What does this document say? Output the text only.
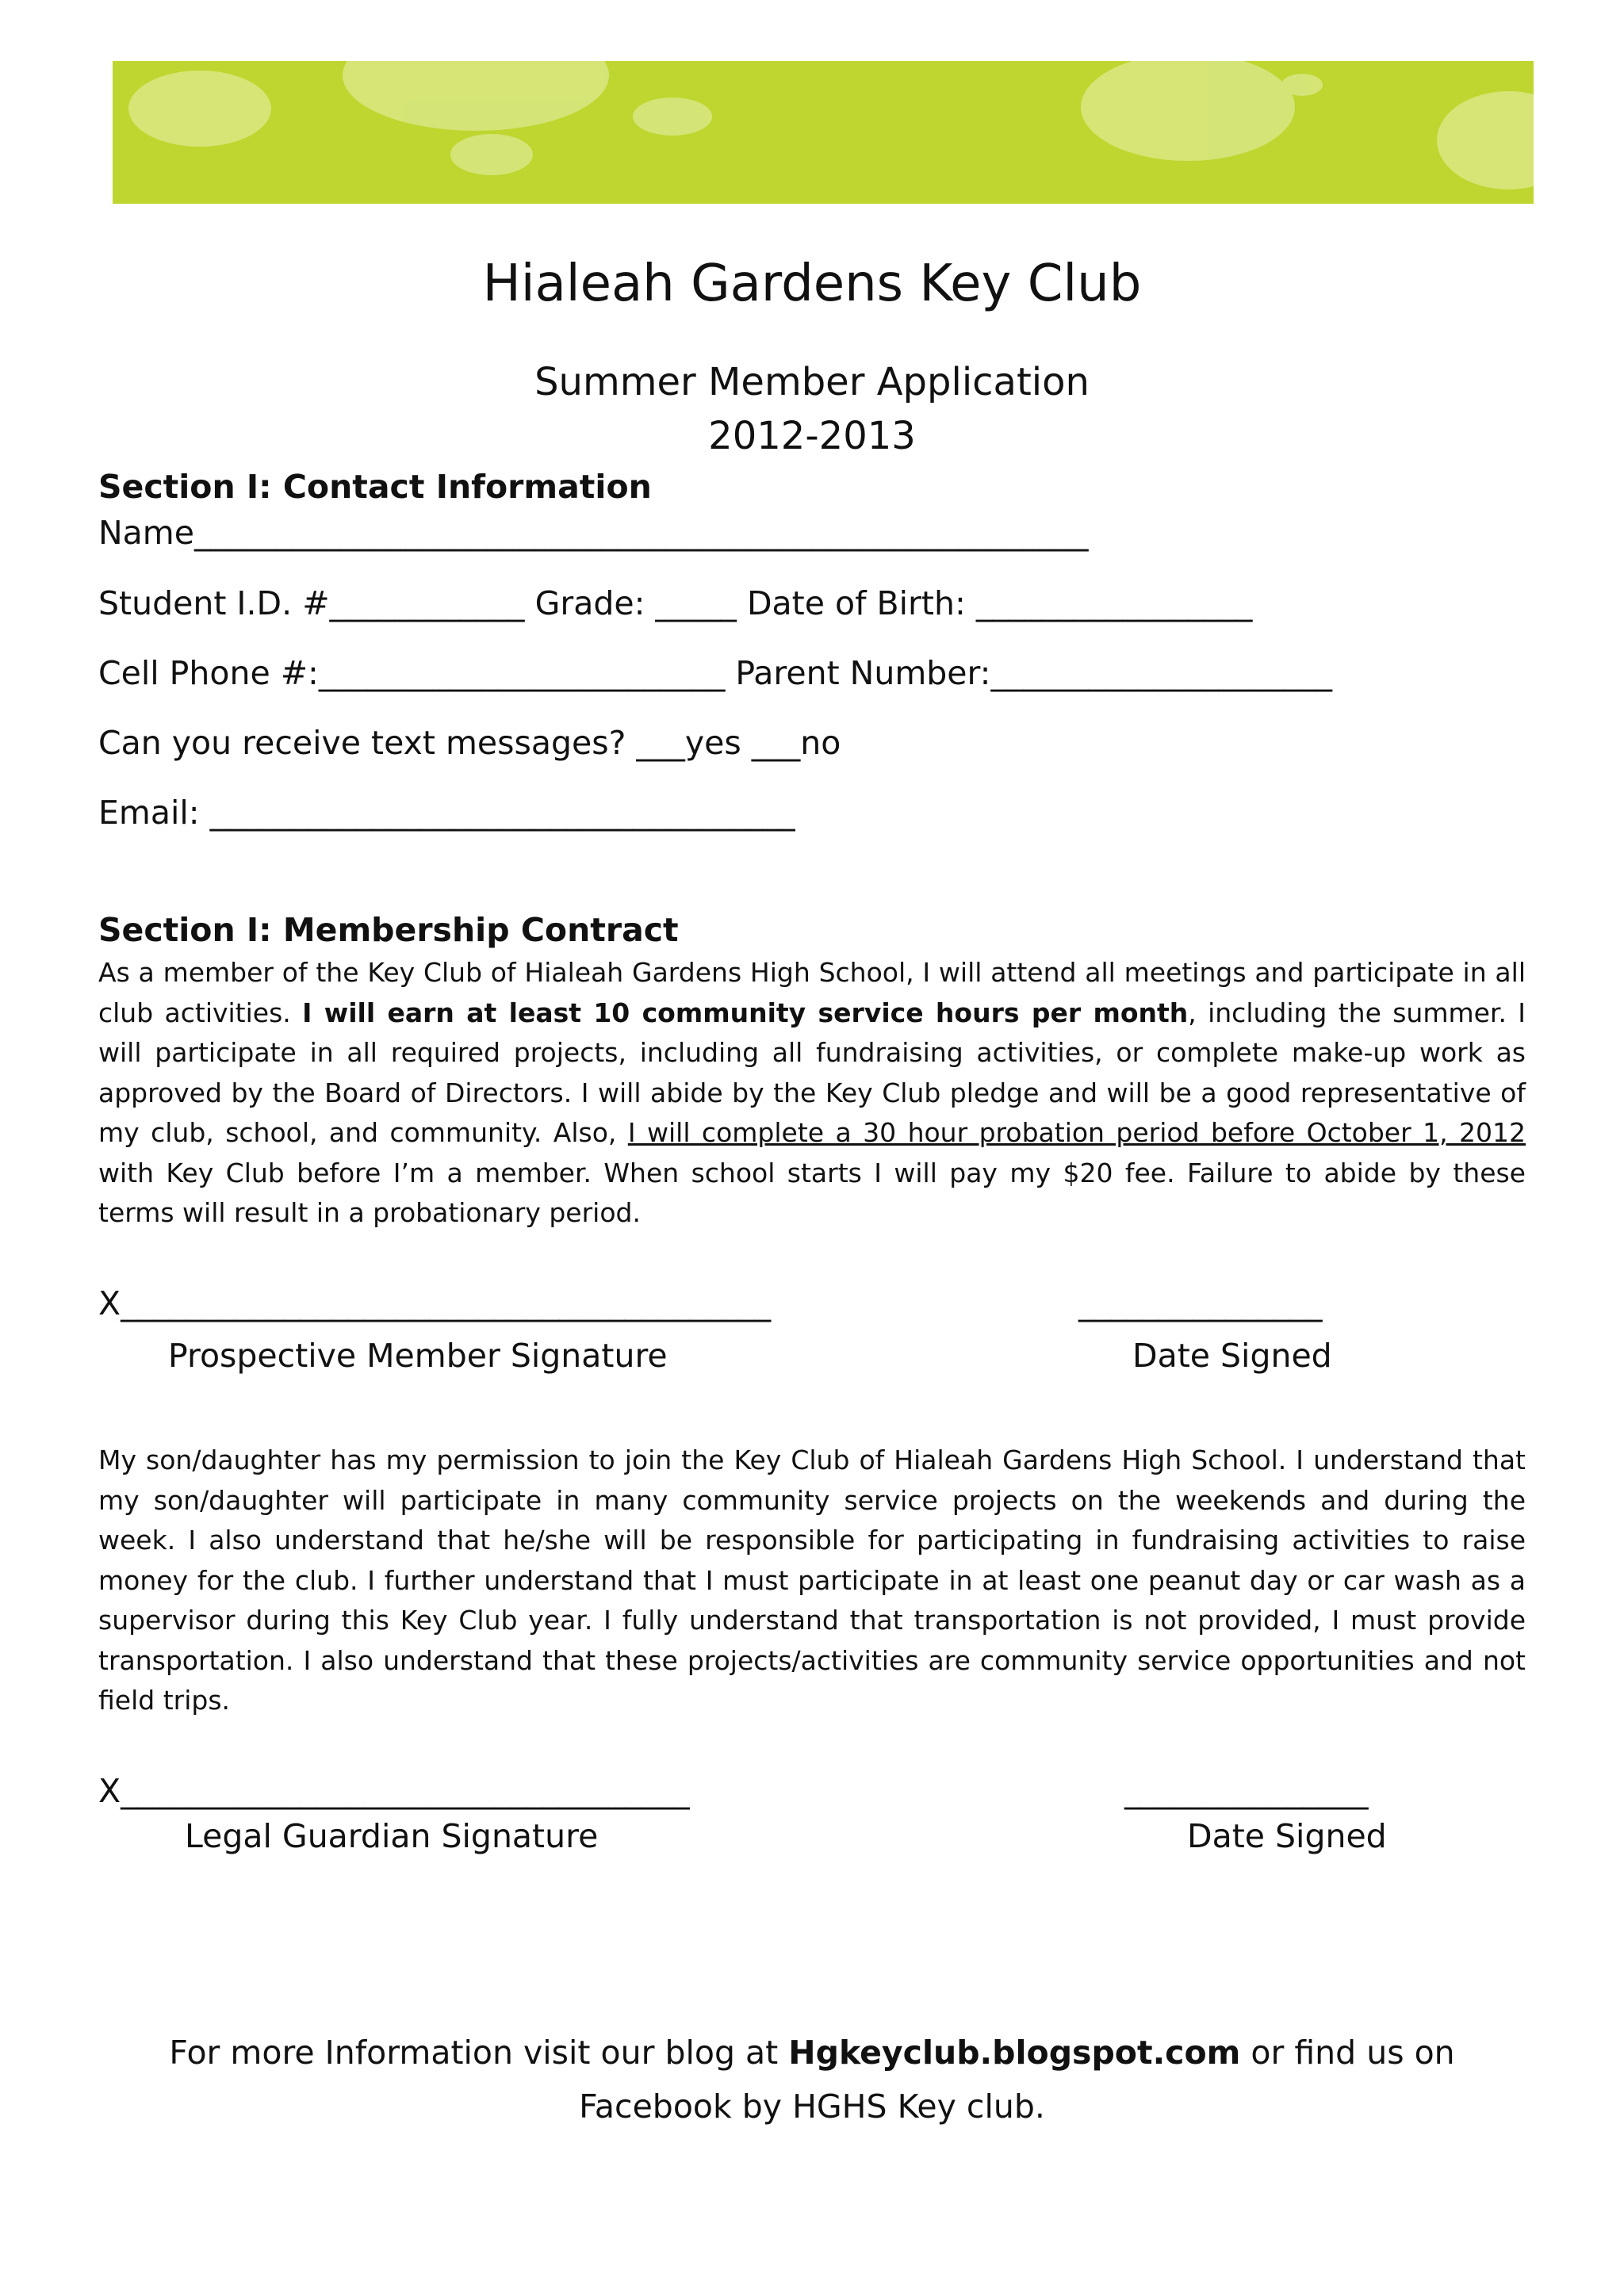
Hialeah Gardens Key Club
Summer Member Application
2012-2013
Section I: Contact Information
Name_______________________________________________________
Student I.D. #____________ Grade: _____ Date of Birth: _________________
Cell Phone #:_________________________ Parent Number:_____________________
Can you receive text messages? ___yes ___no
Email: ____________________________________
Section I: Membership Contract
As a member of the Key Club of Hialeah Gardens High School, I will attend all meetings and participate in all club activities. I will earn at least 10 community service hours per month, including the summer. I will participate in all required projects, including all fundraising activities, or complete make-up work as approved by the Board of Directors. I will abide by the Key Club pledge and will be a good representative of my club, school, and community. Also, I will complete a 30 hour probation period before October 1, 2012 with Key Club before I’m a member. When school starts I will pay my $20 fee. Failure to abide by these terms will result in a probationary period.
X________________________________________	_______________
Prospective Member Signature	Date Signed
My son/daughter has my permission to join the Key Club of Hialeah Gardens High School. I understand that my son/daughter will participate in many community service projects on the weekends and during the week. I also understand that he/she will be responsible for participating in fundraising activities to raise money for the club. I further understand that I must participate in at least one peanut day or car wash as a supervisor during this Key Club year. I fully understand that transportation is not provided, I must provide transportation. I also understand that these projects/activities are community service opportunities and not field trips.
X___________________________________	_______________
Legal Guardian Signature	Date Signed
For more Information visit our blog at Hgkeyclub.blogspot.com or find us on Facebook by HGHS Key club.
